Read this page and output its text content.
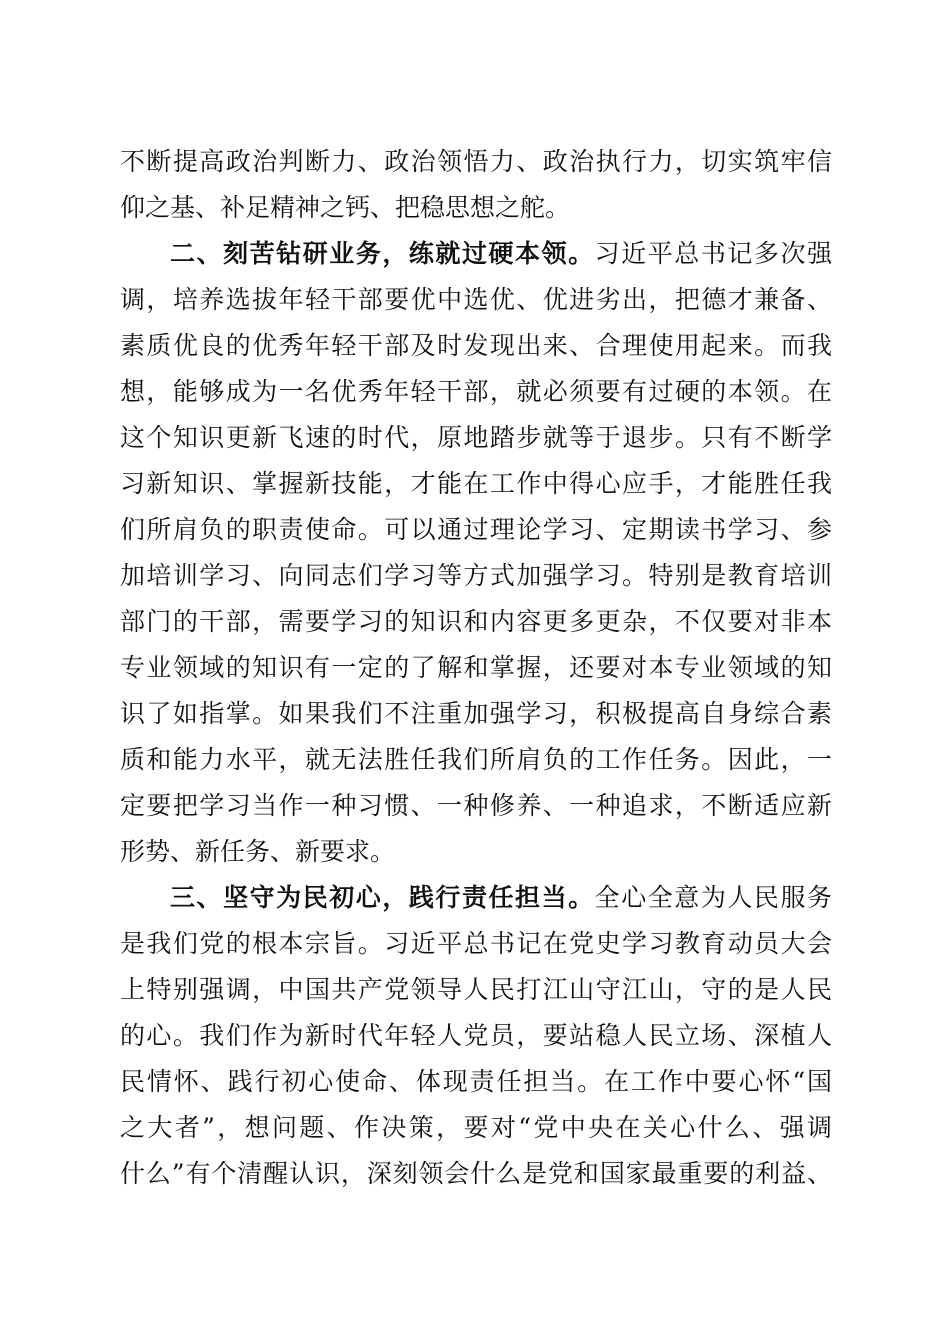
不断提高政治判断力、政治领悟力、政治执行力，切实筑牢信
仰之基、补足精神之钙、把稳思想之舵。
二、刻苦钻研业务，练就过硬本领。习近平总书记多次强
调，培养选拔年轻干部要优中选优、优进劣出，把德才兼备、
素质优良的优秀年轻干部及时发现出来、合理使用起来。而我
想，能够成为一名优秀年轻干部，就必须要有过硬的本领。在
这个知识更新飞速的时代，原地踏步就等于退步。只有不断学
习新知识、掌握新技能，才能在工作中得心应手，才能胜任我
们所肩负的职责使命。可以通过理论学习、定期读书学习、参
加培训学习、向同志们学习等方式加强学习。特别是教育培训
部门的干部，需要学习的知识和内容更多更杂，不仅要对非本
专业领域的知识有一定的了解和掌握，还要对本专业领域的知
识了如指掌。如果我们不注重加强学习，积极提高自身综合素
质和能力水平，就无法胜任我们所肩负的工作任务。因此，一
定要把学习当作一种习惯、一种修养、一种追求，不断适应新
形势、新任务、新要求。
三、坚守为民初心，践行责任担当。全心全意为人民服务
是我们党的根本宗旨。习近平总书记在党史学习教育动员大会
上特别强调，中国共产党领导人民打江山守江山，守的是人民
的心。我们作为新时代年轻人党员，要站稳人民立场、深植人
民情怀、践行初心使命、体现责任担当。在工作中要心怀“国
之大者”，想问题、作决策，要对“党中央在关心什么、强调
什么”有个清醒认识，深刻领会什么是党和国家最重要的利益、
